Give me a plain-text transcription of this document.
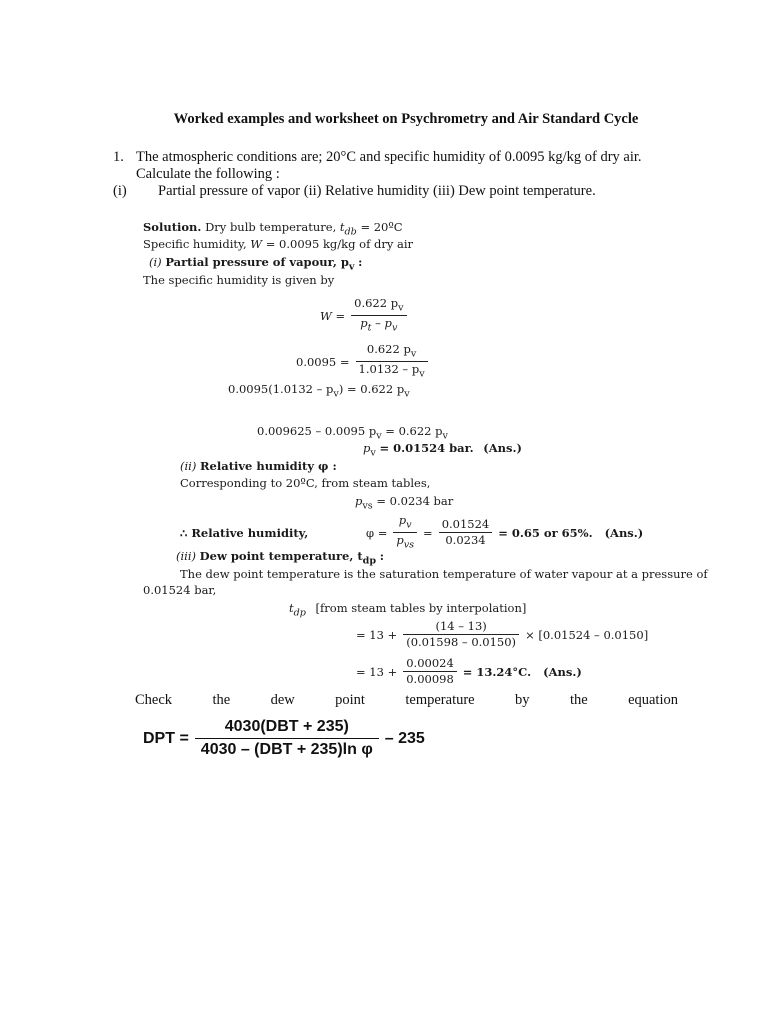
Worked examples and worksheet on Psychrometry and Air Standard Cycle
1. The atmospheric conditions are; 20°C and specific humidity of 0.0095 kg/kg of dry air.
Calculate the following :
(i) Partial pressure of vapor (ii) Relative humidity (iii) Dew point temperature.
Solution. Dry bulb temperature, $t_{db}$ = 20ºC
Specific humidity, W = 0.0095 kg/kg of dry air
(i) Partial pressure of vapour, $p_v$ :
The specific humidity is given by
$W = \frac{0.622 p_v}{p_t - p_v}$
$0.0095 = \frac{0.622 p_v}{1.0132 - p_v}$
$0.0095(1.0132 - p_v) = 0.622$ $p_v$
0.009625 – 0.0095 $p_v = 0.622$ $p_v$
$p_v = 0.01524$ bar. (Ans.)
(ii) Relative humidity φ :
Corresponding to 20ºC, from steam tables,
$p_{vs} = 0.0234$ bar
∴ Relative humidity,	$\varphi = \frac{p_v}{p_{vs}} = \frac{0.01524}{0.0234} = 0.65$ or 65%. (Ans.)
(iii) Dew point temperature, $t_{dp}$ :
The dew point temperature is the saturation temperature of water vapour at a pressure of
0.01524 bar,
$t_{dp}$ [from steam tables by interpolation]
= $13 + \frac{(14 - 13)}{(0.01598 - 0.0150)} \times [0.01524 - 0.0150]$
= $13 + \frac{0.00024}{0.00098} = 13.24^\circ C$. (Ans.)
Check	the	dew	point	temperature	by	the	equation
DPT = $\frac{\text{4030(DBT + 235)}}{\text{4030 – (DBT + 235)ln φ}} - 235$
